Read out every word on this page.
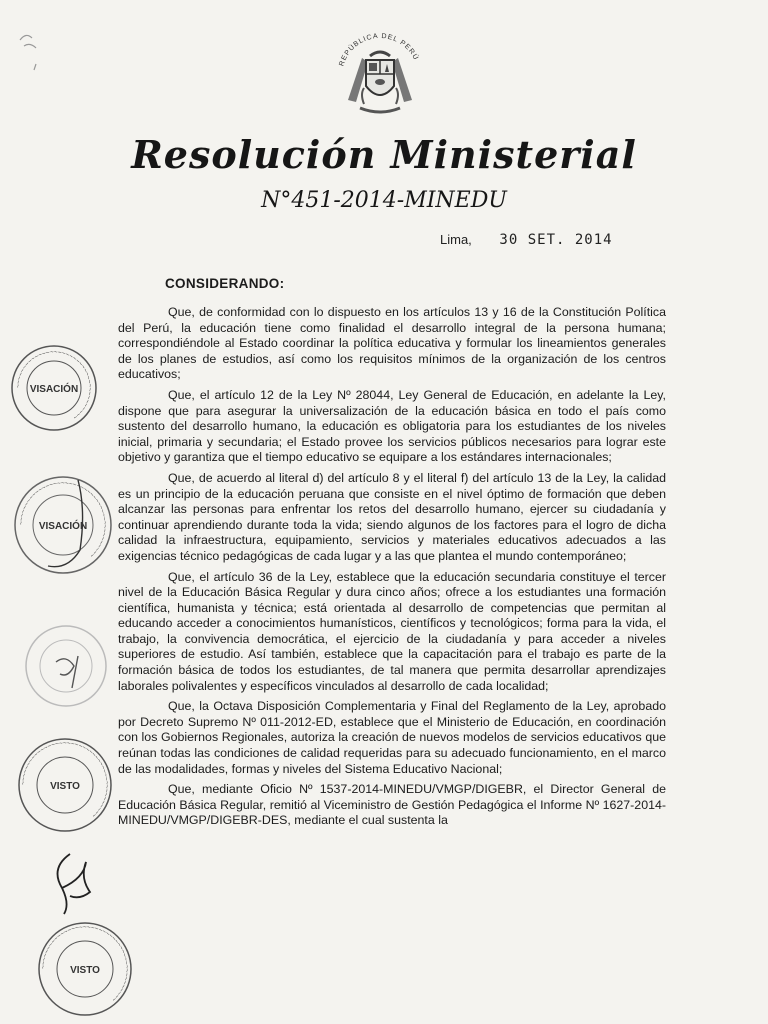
REPÚBLICA DEL PERÚ
Resolución Ministerial
N°451-2014-MINEDU
Lima, 30 SET. 2014
CONSIDERANDO:

Que, de conformidad con lo dispuesto en los artículos 13 y 16 de la Constitución Política del Perú, la educación tiene como finalidad el desarrollo integral de la persona humana; correspondiéndole al Estado coordinar la política educativa y formular los lineamientos generales de los planes de estudios, así como los requisitos mínimos de la organización de los centros educativos;

Que, el artículo 12 de la Ley Nº 28044, Ley General de Educación, en adelante la Ley, dispone que para asegurar la universalización de la educación básica en todo el país como sustento del desarrollo humano, la educación es obligatoria para los estudiantes de los niveles inicial, primaria y secundaria; el Estado provee los servicios públicos necesarios para lograr este objetivo y garantiza que el tiempo educativo se equipare a los estándares internacionales;

Que, de acuerdo al literal d) del artículo 8 y el literal f) del artículo 13 de la Ley, la calidad es un principio de la educación peruana que consiste en el nivel óptimo de formación que deben alcanzar las personas para enfrentar los retos del desarrollo humano, ejercer su ciudadanía y continuar aprendiendo durante toda la vida; siendo algunos de los factores para el logro de dicha calidad la infraestructura, equipamiento, servicios y materiales educativos adecuados a las exigencias técnico pedagógicas de cada lugar y a las que plantea el mundo contemporáneo;

Que, el artículo 36 de la Ley, establece que la educación secundaria constituye el tercer nivel de la Educación Básica Regular y dura cinco años; ofrece a los estudiantes una formación científica, humanista y técnica; está orientada al desarrollo de competencias que permitan al educando acceder a conocimientos humanísticos, científicos y tecnológicos; forma para la vida, el trabajo, la convivencia democrática, el ejercicio de la ciudadanía y para acceder a niveles superiores de estudio. Así también, establece que la capacitación para el trabajo es parte de la formación básica de todos los estudiantes, de tal manera que permita desarrollar aprendizajes laborales polivalentes y específicos vinculados al desarrollo de cada localidad;

Que, la Octava Disposición Complementaria y Final del Reglamento de la Ley, aprobado por Decreto Supremo Nº 011-2012-ED, establece que el Ministerio de Educación, en coordinación con los Gobiernos Regionales, autoriza la creación de nuevos modelos de servicios educativos que reúnan todas las condiciones de calidad requeridas para su adecuado funcionamiento, en el marco de las modalidades, formas y niveles del Sistema Educativo Nacional;

Que, mediante Oficio Nº 1537-2014-MINEDU/VMGP/DIGEBR, el Director General de Educación Básica Regular, remitió al Viceministro de Gestión Pedagógica el Informe Nº 1627-2014-MINEDU/VMGP/DIGEBR-DES, mediante el cual sustenta la

~~~~~~~~~~~~~~~~~~~~~~~~~~~~~~~~~~~~~
VISACIÓN
~~~~~~~~~~~~~~~~~~~~~~~~~~~~~~~~~~~~~~~~~~
VISACIÓN
~~~~~~~~~~~~~~~~~~~~~~~~~~~~~~~~~~~~~~~~~~
VISTO
~~~~~~~~~~~~~~~~~~~~~~~~~~~~~~~~~~~~~~~~~~
VISTO
